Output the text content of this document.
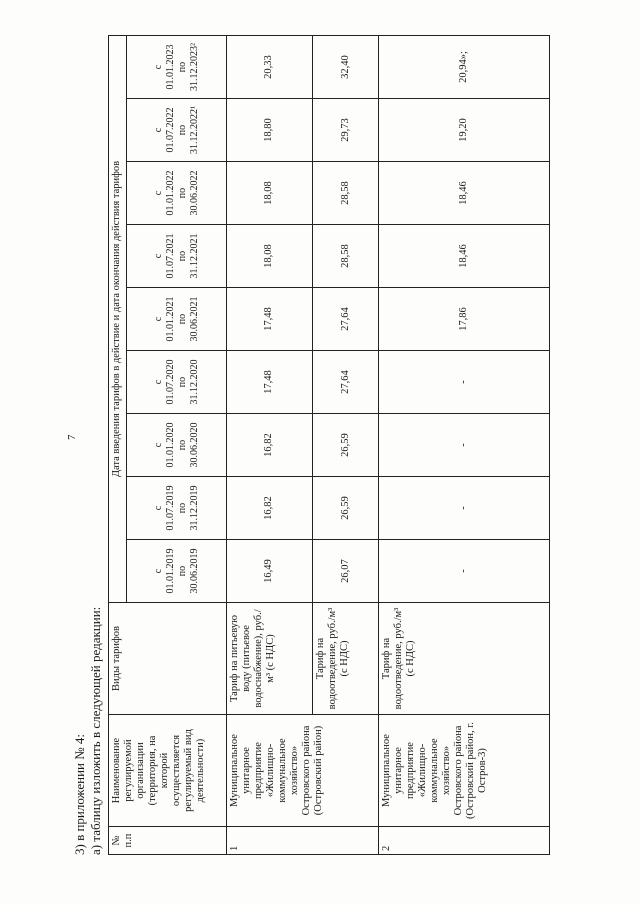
7
3) в приложении № 4: а) таблицу изложить в следующей редакции: № п.п	Наименование регулируемой организации (территория, на которой осуществляется регулируемый вид деятельности)	Виды тарифов	Дата введения тарифов в действие и дата окончания действия тарифов								

			с 01.01.2019 по 30.06.2019	с 01.07.2019 по 31.12.2019	с 01.01.2020 по 30.06.2020	с 01.07.2020 по 31.12.2020	с 01.01.2021 по 30.06.2021	с 01.07.2021 по 31.12.2021	с 01.01.2022 по 30.06.2022	с 01.07.2022 по 31.12.2022¹	с 01.01.2023 по 31.12.2023²

1	Муниципальное унитарное предприятие «Жилищно-коммунальное хозяйство» Островского района (Островский район)	Тариф на питьевую воду (питьевое водоснабжение), руб./м³ (с НДС)	16,49	16,82	16,82	17,48	17,48	18,08	18,08	18,80	20,33
		Тариф на водоотведение, руб./м³ (с НДС)	26,07	26,59	26,59	27,64	27,64	28,58	28,58	29,73	32,40
2	Муниципальное унитарное предприятие «Жилищно-коммунальное хозяйство» Островского района (Островский район, г. Остров-3)	Тариф на водоотведение, руб./м³ (с НДС)	-	-	-	-	17,86	18,46	18,46	19,20	20,94»;
